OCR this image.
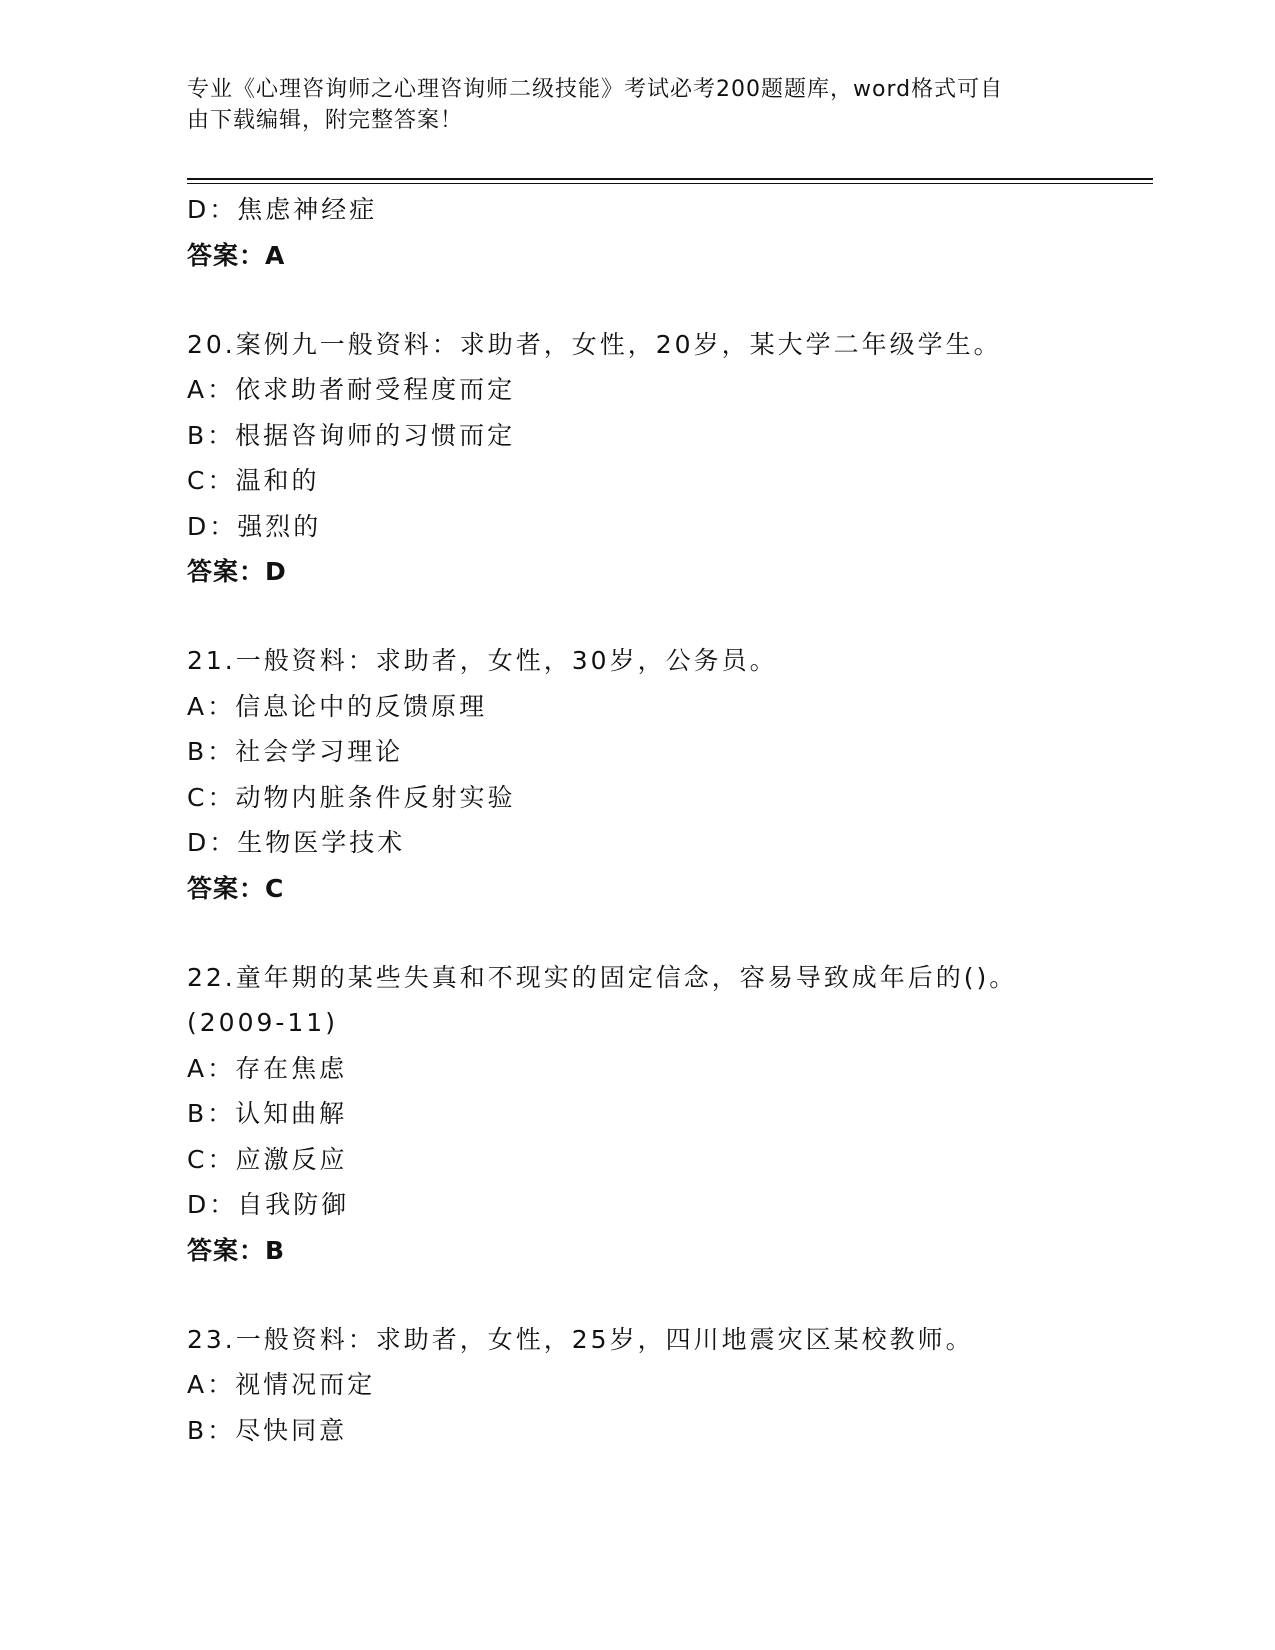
专业《心理咨询师之心理咨询师二级技能》考试必考200题题库，word格式可自
由下载编辑，附完整答案！
D：焦虑神经症
答案：A
20.案例九一般资料：求助者，女性，20岁，某大学二年级学生。
A：依求助者耐受程度而定
B：根据咨询师的习惯而定
C：温和的
D：强烈的
答案：D
21.一般资料：求助者，女性，30岁，公务员。
A：信息论中的反馈原理
B：社会学习理论
C：动物内脏条件反射实验
D：生物医学技术
答案：C
22.童年期的某些失真和不现实的固定信念，容易导致成年后的()。
(2009-11)
A：存在焦虑
B：认知曲解
C：应激反应
D：自我防御
答案：B
23.一般资料：求助者，女性，25岁，四川地震灾区某校教师。
A：视情况而定
B：尽快同意
